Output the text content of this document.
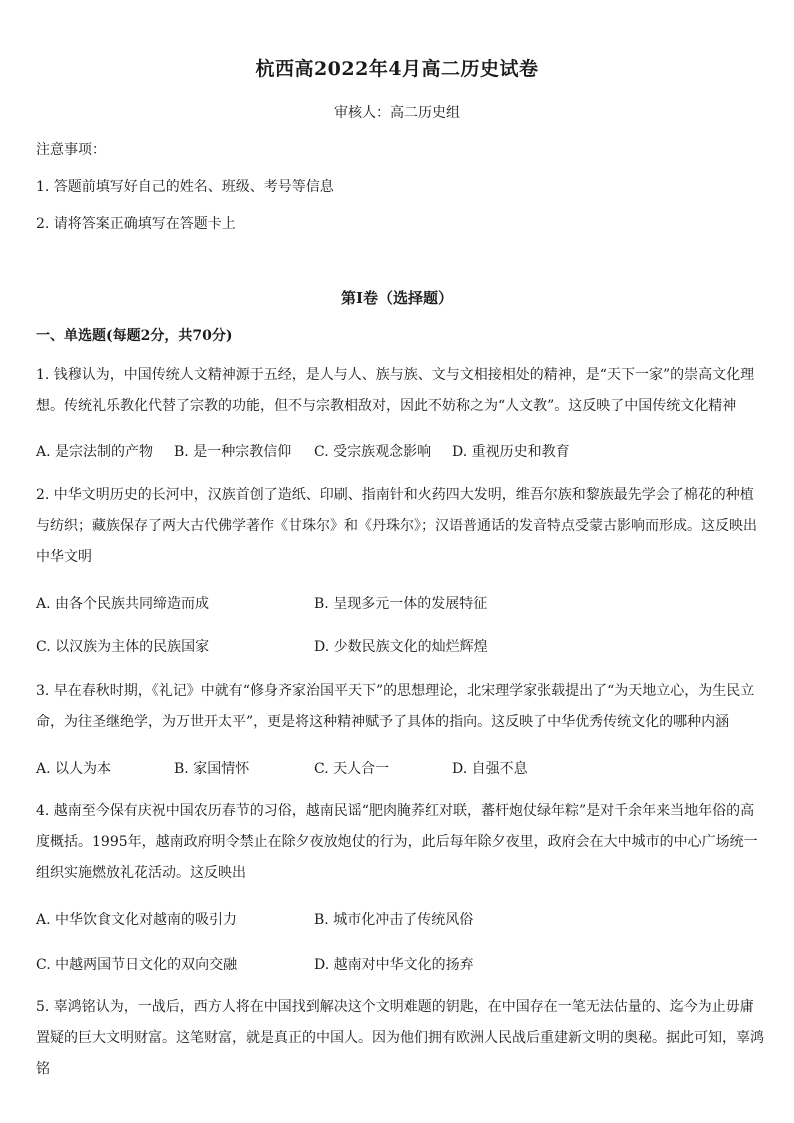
杭西高2022年4月高二历史试卷
审核人：高二历史组
注意事项：
1. 答题前填写好自己的姓名、班级、考号等信息
2. 请将答案正确填写在答题卡上
第I卷（选择题）
一、单选题(每题2分，共70分)
1. 钱穆认为，中国传统人文精神源于五经，是人与人、族与族、文与文相接相处的精神，是“天下一家”的崇高文化理
想。传统礼乐教化代替了宗教的功能，但不与宗教相敌对，因此不妨称之为“人文教”。这反映了中国传统文化精神
A. 是宗法制的产物 B. 是一种宗教信仰 C. 受宗族观念影响 D. 重视历史和教育
2. 中华文明历史的长河中，汉族首创了造纸、印刷、指南针和火药四大发明，维吾尔族和黎族最先学会了棉花的种植
与纺织；藏族保存了两大古代佛学著作《甘珠尔》和《丹珠尔》；汉语普通话的发音特点受蒙古影响而形成。这反映出
中华文明
A. 由各个民族共同缔造而成	B. 呈现多元一体的发展特征
C. 以汉族为主体的民族国家	D. 少数民族文化的灿烂辉煌
3. 早在春秋时期，《礼记》中就有“修身齐家治国平天下”的思想理论，北宋理学家张载提出了“为天地立心，为生民立
命，为往圣继绝学，为万世开太平”，更是将这种精神赋予了具体的指向。这反映了中华优秀传统文化的哪种内涵
A. 以人为本	B. 家国情怀	C. 天人合一	D. 自强不息
4. 越南至今保有庆祝中国农历春节的习俗，越南民谣“肥肉腌荞红对联，蕃杆炮仗绿年粽”是对千余年来当地年俗的高
度概括。1995年，越南政府明令禁止在除夕夜放炮仗的行为，此后每年除夕夜里，政府会在大中城市的中心广场统一
组织实施燃放礼花活动。这反映出
A. 中华饮食文化对越南的吸引力	B. 城市化冲击了传统风俗
C. 中越两国节日文化的双向交融	D. 越南对中华文化的扬弃
5. 辜鸿铭认为，一战后，西方人将在中国找到解决这个文明难题的钥匙，在中国存在一笔无法估量的、迄今为止毋庸
置疑的巨大文明财富。这笔财富，就是真正的中国人。因为他们拥有欧洲人民战后重建新文明的奥秘。据此可知，辜鸿
铭
